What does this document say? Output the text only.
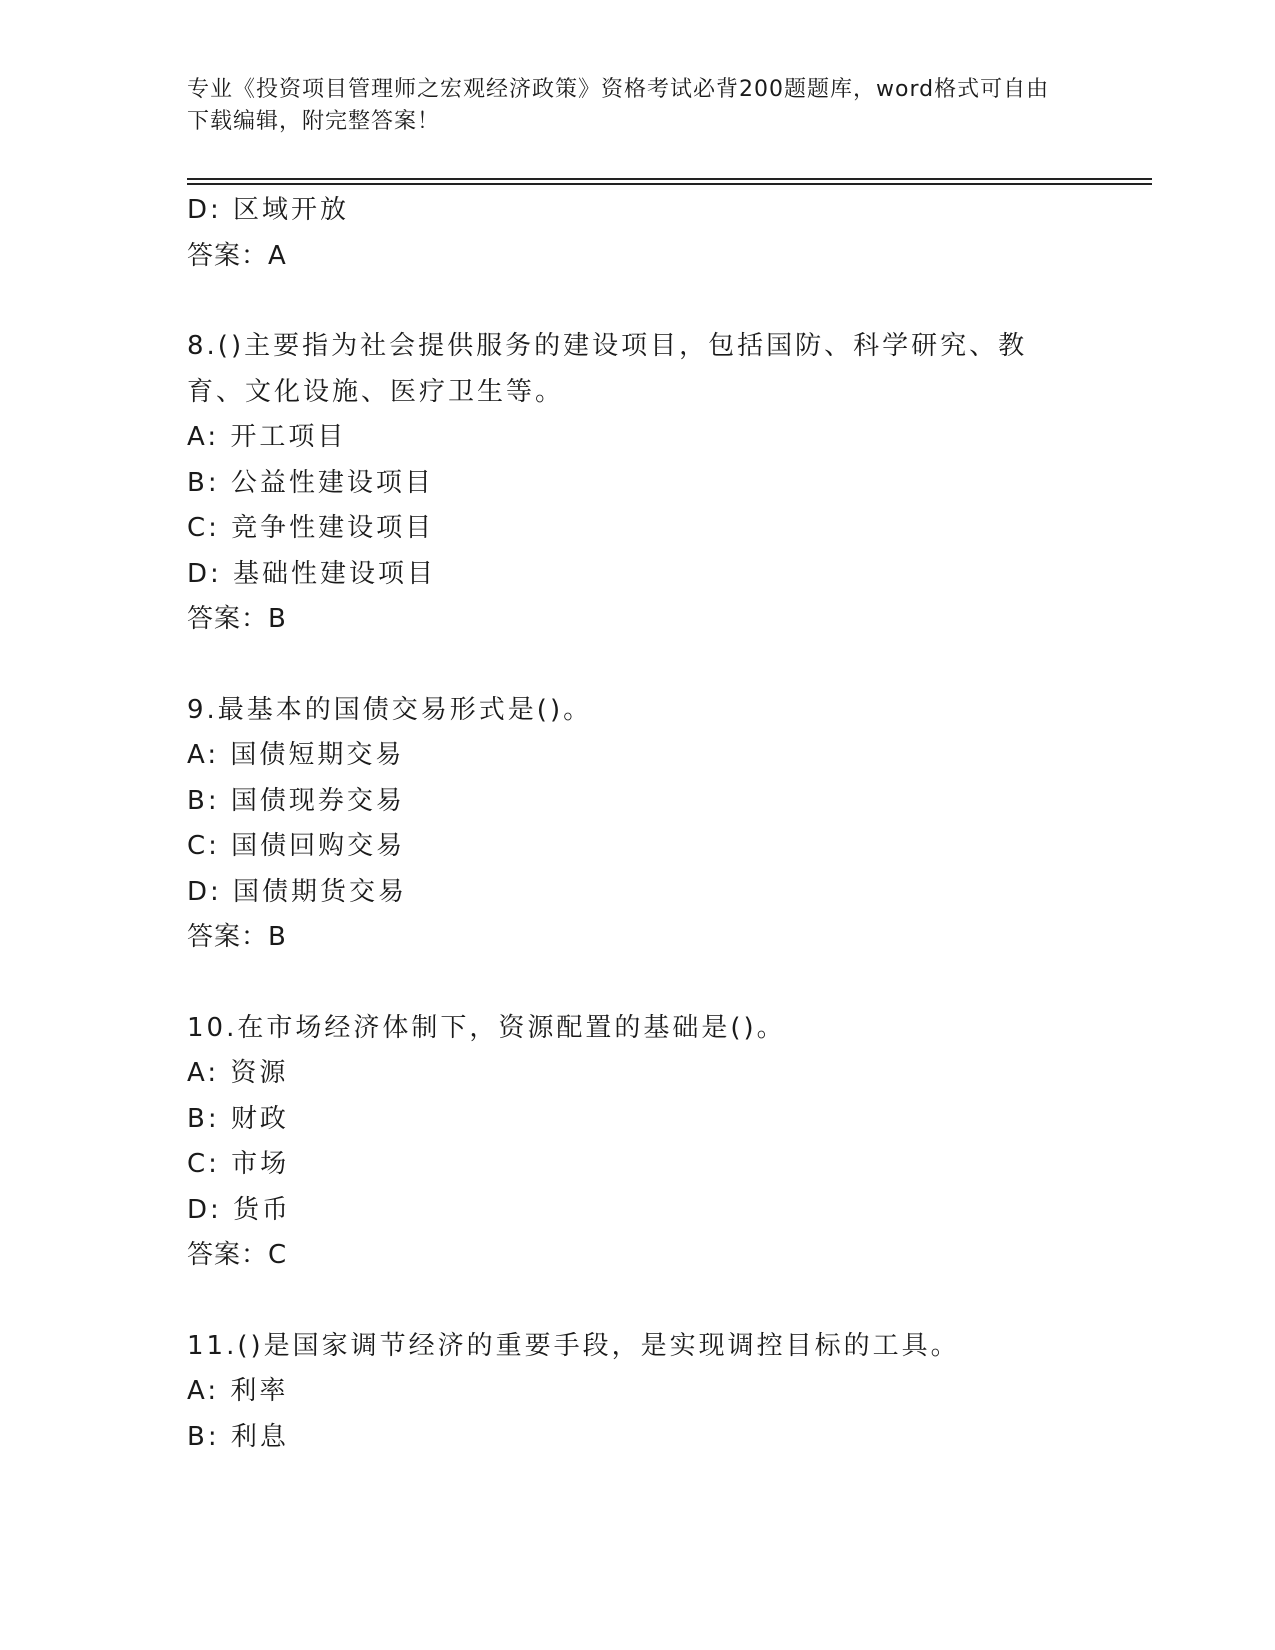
专业《投资项目管理师之宏观经济政策》资格考试必背200题题库，word格式可自由下载编辑，附完整答案！
D: 区域开放
答案：A
8.()主要指为社会提供服务的建设项目，包括国防、科学研究、教育、文化设施、医疗卫生等。
A: 开工项目
B: 公益性建设项目
C: 竞争性建设项目
D: 基础性建设项目
答案：B
9.最基本的国债交易形式是()。
A: 国债短期交易
B: 国债现券交易
C: 国债回购交易
D: 国债期货交易
答案：B
10.在市场经济体制下，资源配置的基础是()。
A: 资源
B: 财政
C: 市场
D: 货币
答案：C
11.()是国家调节经济的重要手段，是实现调控目标的工具。
A: 利率
B: 利息
